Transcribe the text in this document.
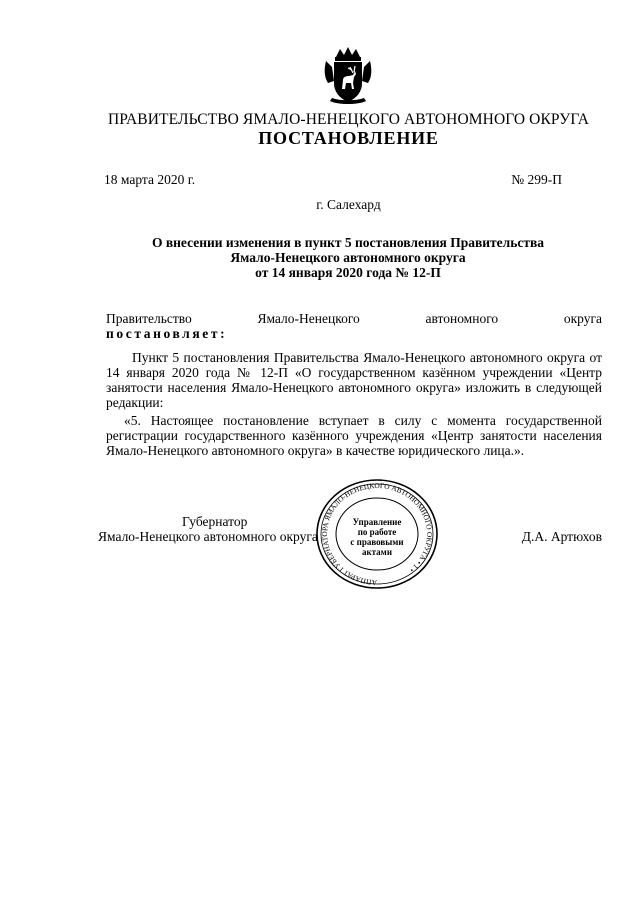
ПРАВИТЕЛЬСТВО ЯМАЛО-НЕНЕЦКОГО АВТОНОМНОГО ОКРУГА
ПОСТАНОВЛЕНИЕ
18 марта 2020 г.	№ 299-П
г. Салехард
О внесении изменения в пункт 5 постановления Правительства
Ямало-Ненецкого автономного округа
от 14 января 2020 года № 12-П
Правительство Ямало-Ненецкого автономного округа
постановляет:
Пункт 5 постановления Правительства Ямало-Ненецкого автономного округа от 14 января 2020 года № 12-П «О государственном казённом учреждении «Центр занятости населения Ямало-Ненецкого автономного округа» изложить в следующей редакции:
«5. Настоящее постановление вступает в силу с момента государственной регистрации государственного казённого учреждения «Центр занятости населения Ямало-Ненецкого автономного округа» в качестве юридического лица.».
Губернатор
Ямало-Ненецкого автономного округа	Д.А. Артюхов
АППАРАТ ГУБЕРНАТОРА ЯМАЛО-НЕНЕЦКОГО АВТОНОМНОГО ОКРУГА • 1 •
Управление
по работе
с правовыми
актами
